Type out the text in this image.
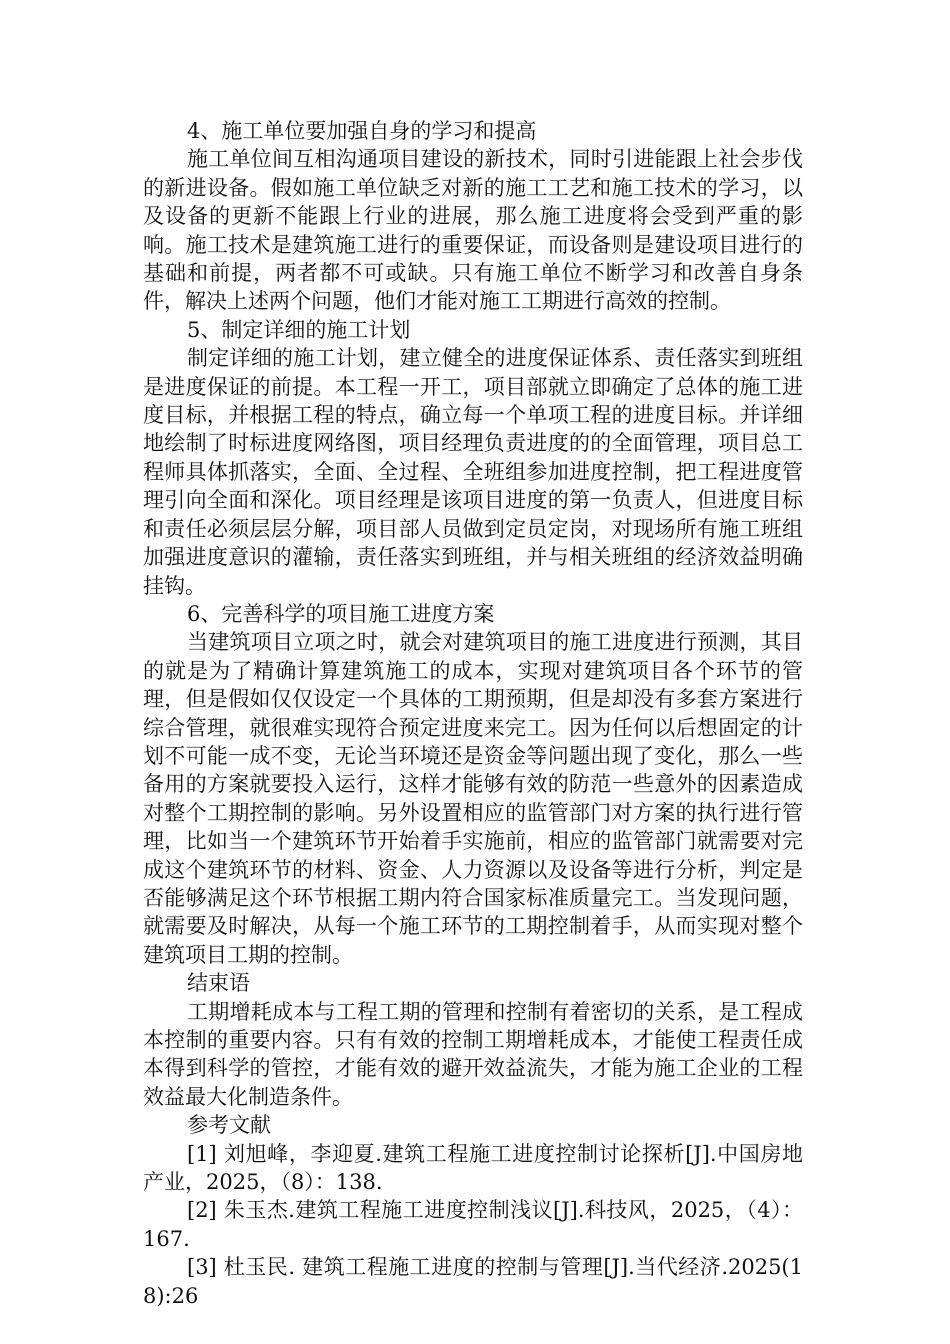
4、施工单位要加强自身的学习和提高

施工单位间互相沟通项目建设的新技术，同时引进能跟上社会步伐的新进设备。假如施工单位缺乏对新的施工工艺和施工技术的学习，以及设备的更新不能跟上行业的进展，那么施工进度将会受到严重的影响。施工技术是建筑施工进行的重要保证，而设备则是建设项目进行的基础和前提，两者都不可或缺。只有施工单位不断学习和改善自身条件，解决上述两个问题，他们才能对施工工期进行高效的控制。

5、制定详细的施工计划

制定详细的施工计划，建立健全的进度保证体系、责任落实到班组是进度保证的前提。本工程一开工，项目部就立即确定了总体的施工进度目标，并根据工程的特点，确立每一个单项工程的进度目标。并详细地绘制了时标进度网络图，项目经理负责进度的的全面管理，项目总工程师具体抓落实，全面、全过程、全班组参加进度控制，把工程进度管理引向全面和深化。项目经理是该项目进度的第一负责人，但进度目标和责任必须层层分解，项目部人员做到定员定岗，对现场所有施工班组加强进度意识的灌输，责任落实到班组，并与相关班组的经济效益明确挂钩。

6、完善科学的项目施工进度方案

当建筑项目立项之时，就会对建筑项目的施工进度进行预测，其目的就是为了精确计算建筑施工的成本，实现对建筑项目各个环节的管理，但是假如仅仅设定一个具体的工期预期，但是却没有多套方案进行综合管理，就很难实现符合预定进度来完工。因为任何以后想固定的计划不可能一成不变，无论当环境还是资金等问题出现了变化，那么一些备用的方案就要投入运行，这样才能够有效的防范一些意外的因素造成对整个工期控制的影响。另外设置相应的监管部门对方案的执行进行管理，比如当一个建筑环节开始着手实施前，相应的监管部门就需要对完成这个建筑环节的材料、资金、人力资源以及设备等进行分析，判定是否能够满足这个环节根据工期内符合国家标准质量完工。当发现问题，就需要及时解决，从每一个施工环节的工期控制着手，从而实现对整个建筑项目工期的控制。

结束语

工期增耗成本与工程工期的管理和控制有着密切的关系，是工程成本控制的重要内容。只有有效的控制工期增耗成本，才能使工程责任成本得到科学的管控，才能有效的避开效益流失，才能为施工企业的工程效益最大化制造条件。

参考文献

[1] 刘旭峰，李迎夏.建筑工程施工进度控制讨论探析[J].中国房地产业，2025，（8）：138.

[2] 朱玉杰.建筑工程施工进度控制浅议[J].科技风，2025，（4）：167.

[3] 杜玉民. 建筑工程施工进度的控制与管理[J].当代经济.2025(18):26
